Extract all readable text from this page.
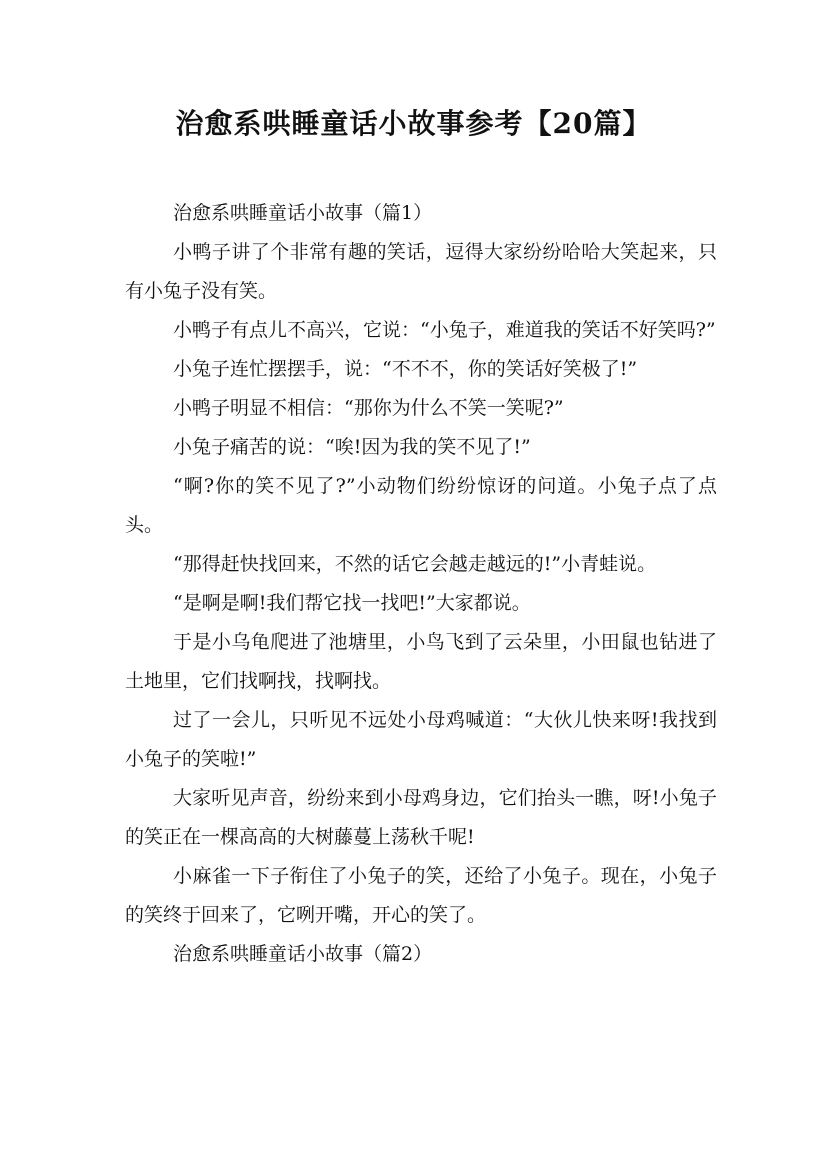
治愈系哄睡童话小故事参考【20篇】

治愈系哄睡童话小故事（篇1）

小鸭子讲了个非常有趣的笑话，逗得大家纷纷哈哈大笑起来，只有小兔子没有笑。

小鸭子有点儿不高兴，它说：“小兔子，难道我的笑话不好笑吗?”

小兔子连忙摆摆手，说：“不不不，你的笑话好笑极了!”

小鸭子明显不相信：“那你为什么不笑一笑呢?”

小兔子痛苦的说：“唉!因为我的笑不见了!”

“啊?你的笑不见了?”小动物们纷纷惊讶的问道。小兔子点了点头。

“那得赶快找回来，不然的话它会越走越远的!”小青蛙说。

“是啊是啊!我们帮它找一找吧!”大家都说。

于是小乌龟爬进了池塘里，小鸟飞到了云朵里，小田鼠也钻进了土地里，它们找啊找，找啊找。

过了一会儿，只听见不远处小母鸡喊道：“大伙儿快来呀!我找到小兔子的笑啦!”

大家听见声音，纷纷来到小母鸡身边，它们抬头一瞧，呀!小兔子的笑正在一棵高高的大树藤蔓上荡秋千呢!

小麻雀一下子衔住了小兔子的笑，还给了小兔子。现在，小兔子的笑终于回来了，它咧开嘴，开心的笑了。

治愈系哄睡童话小故事（篇2）
